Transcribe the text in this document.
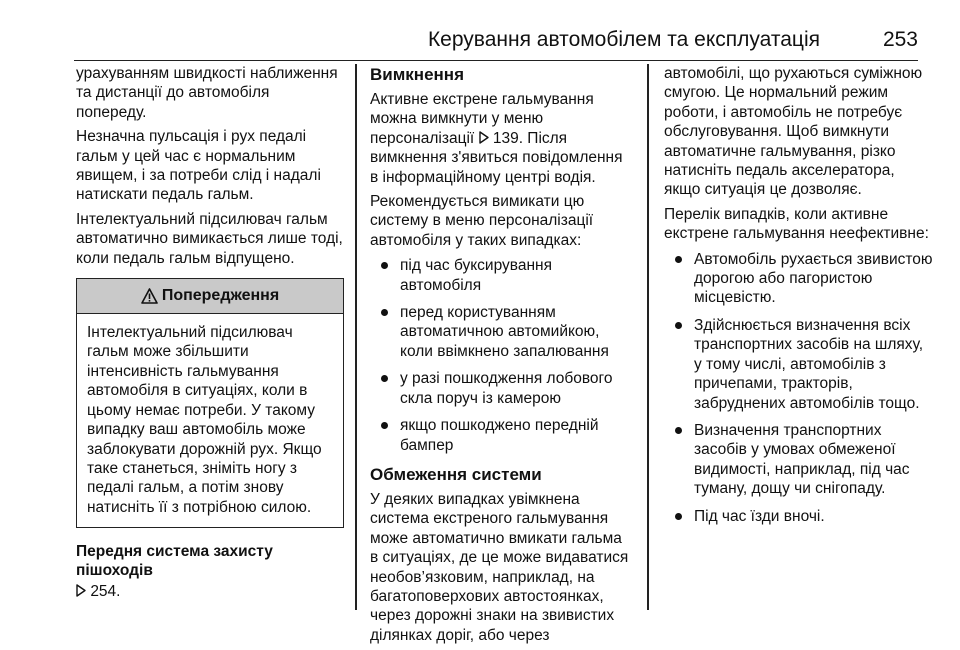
Керування автомобілем та експлуатація	253

урахуванням швидкості наближення та дистанції до автомобіля попереду.

Незначна пульсація і рух педалі гальм у цей час є нормальним явищем, і за потреби слід і надалі натискати педаль гальм.

Інтелектуальний підсилювач гальм автоматично вимикається лише тоді, коли педаль гальм відпущено.

Попередження
Інтелектуальний підсилювач гальм може збільшити інтенсивність гальмування автомобіля в ситуаціях, коли в цьому немає потреби. У такому випадку ваш автомобіль може заблокувати дорожній рух. Якщо таке станеться, зніміть ногу з педалі гальм, а потім знову натисніть її з потрібною силою.
Передня система захисту пішоходів
254.
Вимкнення

Активне екстрене гальмування можна вимкнути у меню персоналізації 139. Після вимкнення з'явиться повідомлення в інформаційному центрі водія.

Рекомендується вимикати цю систему в меню персоналізації автомобіля у таких випадках:

під час буксирування автомобіля
перед користуванням автоматичною автомийкою, коли ввімкнено запалювання
у разі пошкодження лобового скла поруч із камерою
якщо пошкоджено передній бампер
Обмеження системи

У деяких випадках увімкнена система екстреного гальмування може автоматично вмикати гальма в ситуаціях, де це може видаватися необов’язковим, наприклад, на багатоповерхових автостоянках, через дорожні знаки на звивистих ділянках доріг, або через

автомобілі, що рухаються суміжною смугою. Це нормальний режим роботи, і автомобіль не потребує обслуговування. Щоб вимкнути автоматичне гальмування, різко натисніть педаль акселератора, якщо ситуація це дозволяє.

Перелік випадків, коли активне екстрене гальмування неефективне:

Автомобіль рухається звивистою дорогою або пагористою місцевістю.
Здійснюється визначення всіх транспортних засобів на шляху, у тому числі, автомобілів з причепами, тракторів, забруднених автомобілів тощо.
Визначення транспортних засобів у умовах обмеженої видимості, наприклад, під час туману, дощу чи снігопаду.
Під час їзди вночі.
